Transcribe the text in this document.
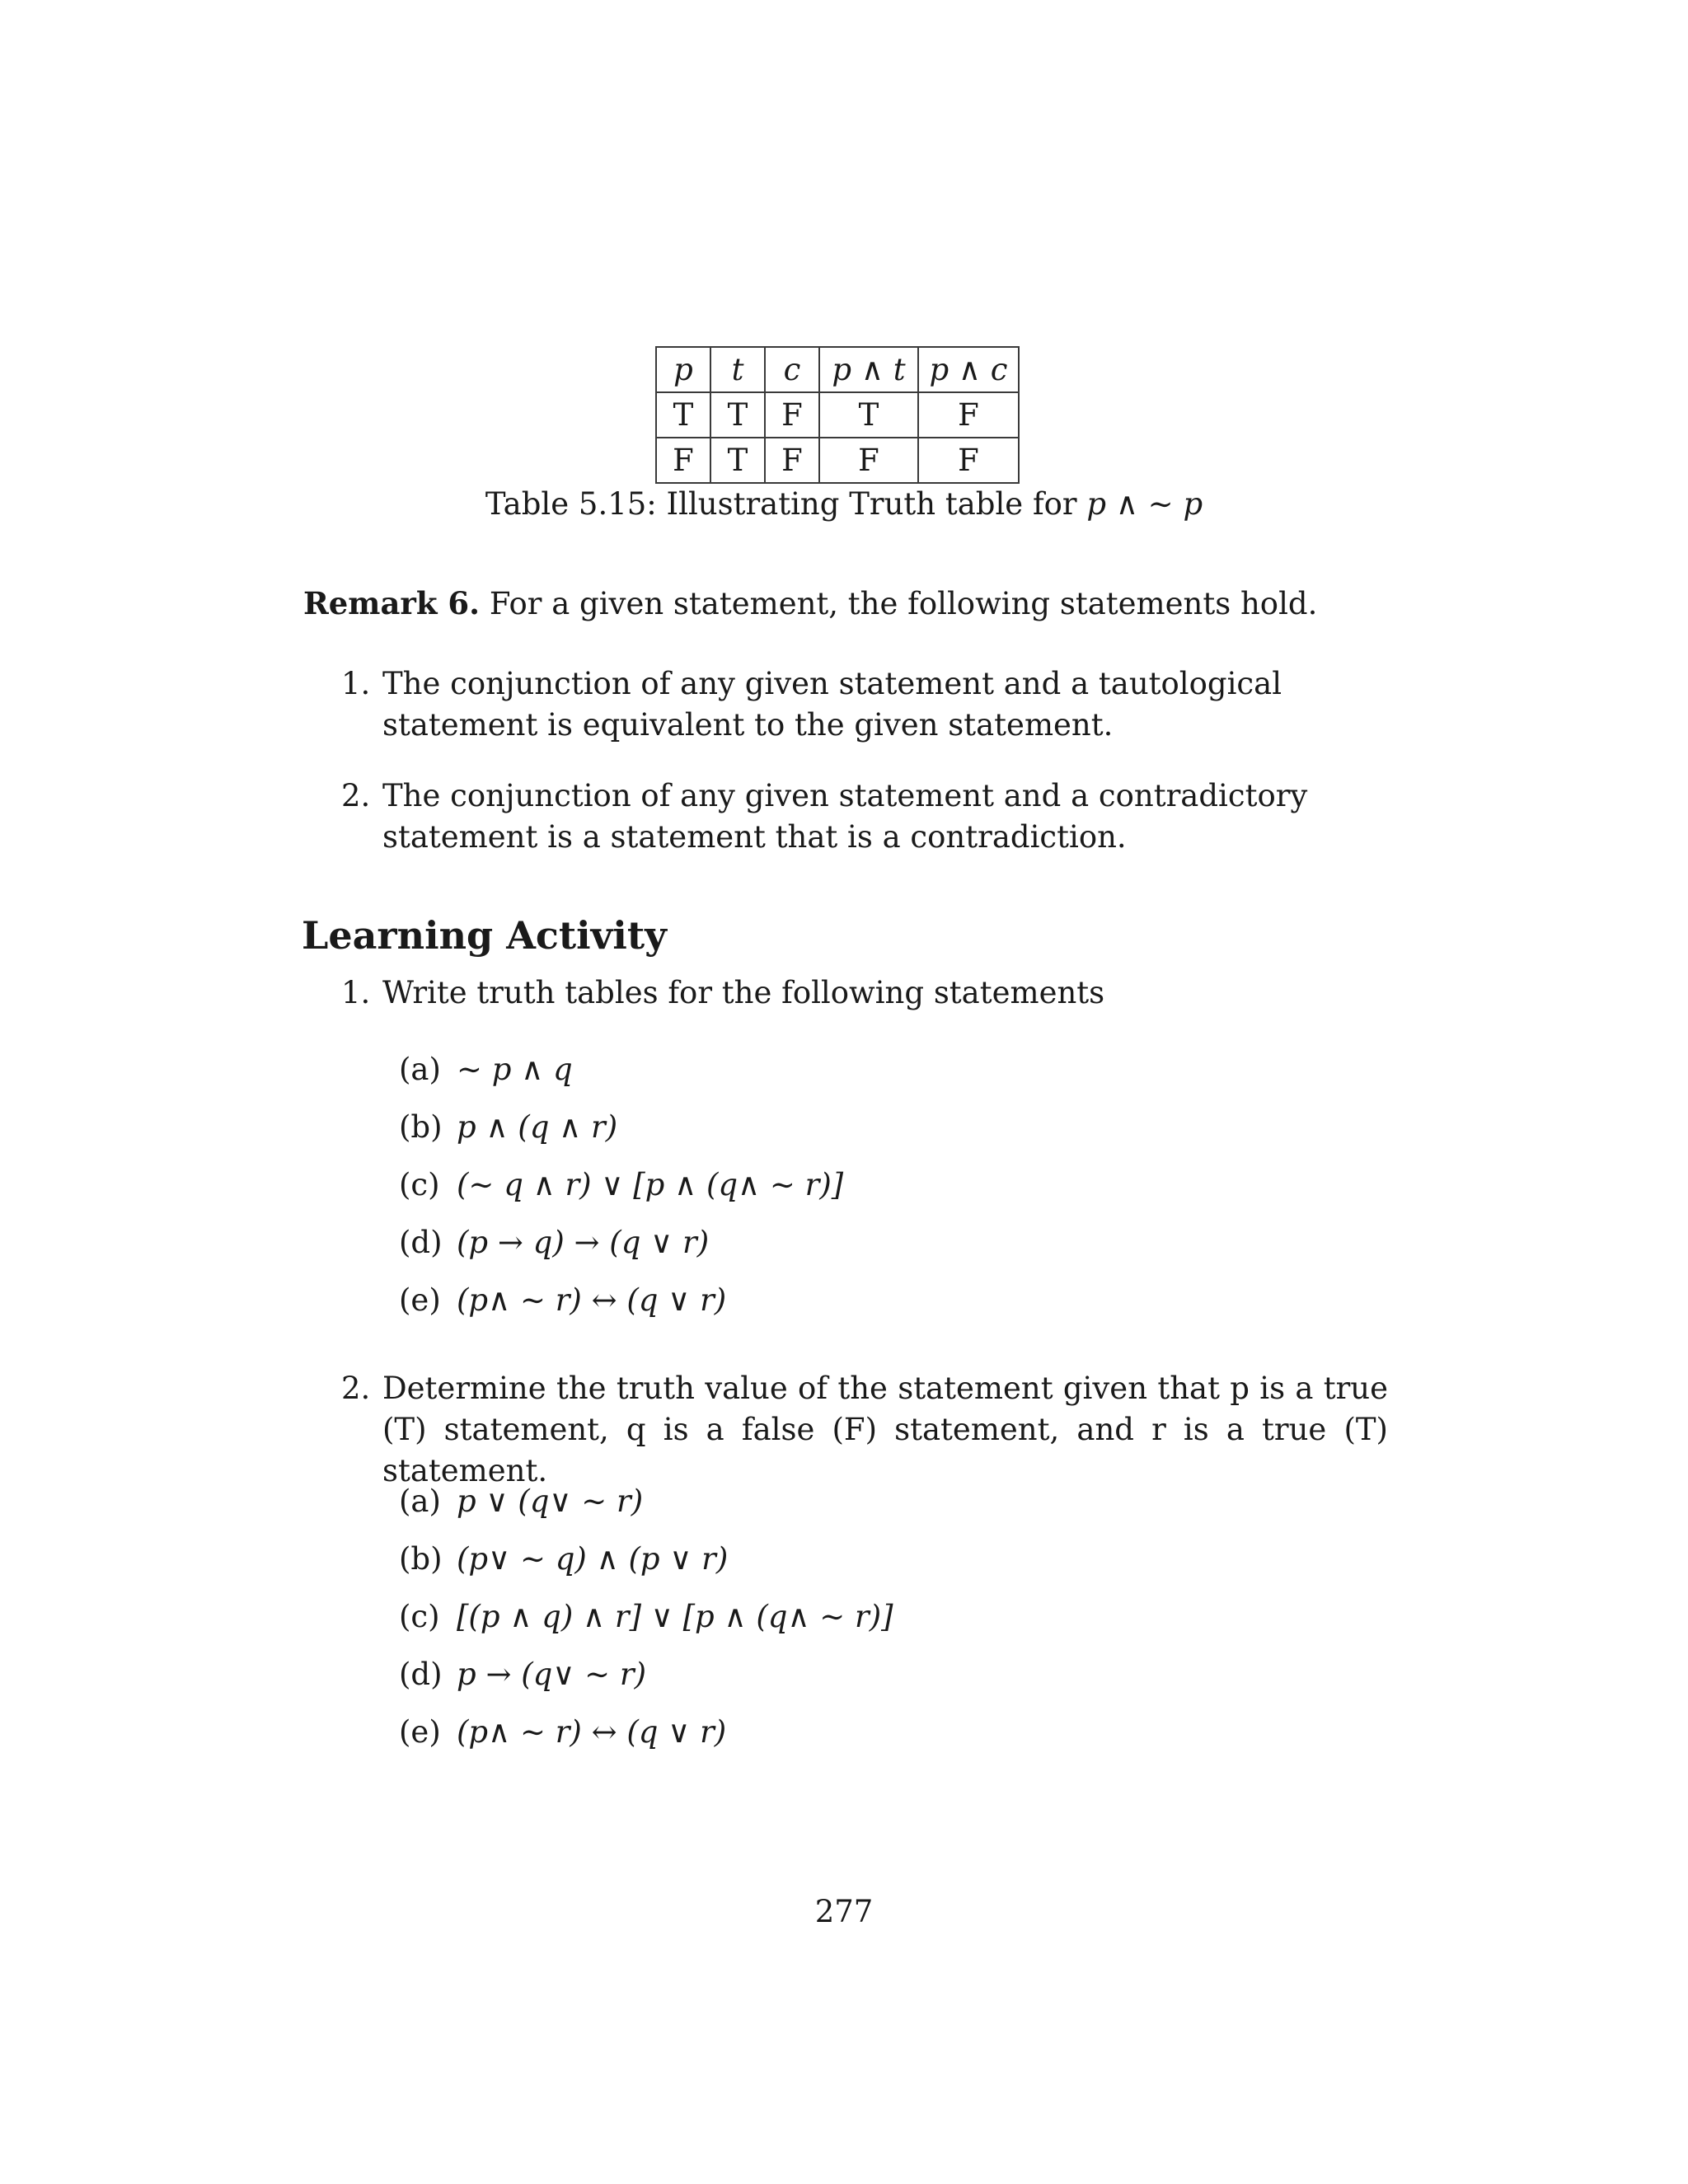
p	t	c	p ∧ t	p ∧ c
T	T	F	T	F
F	T	F	F	F
Table 5.15: Illustrating Truth table for p ∧ ∼ p
Remark 6. For a given statement, the following statements hold.
1. The conjunction of any given statement and a tautological statement is equivalent to the given statement.
2. The conjunction of any given statement and a contradictory statement is a statement that is a contradiction.
Learning Activity
1. Write truth tables for the following statements
(a) ∼ p ∧ q
(b) p ∧ (q ∧ r)
(c) (∼ q ∧ r) ∨ [p ∧ (q∧ ∼ r)]
(d) (p → q) → (q ∨ r)
(e) (p∧ ∼ r) ↔ (q ∨ r)
2. Determine the truth value of the statement given that p is a true (T) statement, q is a false (F) statement, and r is a true (T) statement.
(a) p ∨ (q∨ ∼ r)
(b) (p∨ ∼ q) ∧ (p ∨ r)
(c) [(p ∧ q) ∧ r] ∨ [p ∧ (q∧ ∼ r)]
(d) p → (q∨ ∼ r)
(e) (p∧ ∼ r) ↔ (q ∨ r)
277
